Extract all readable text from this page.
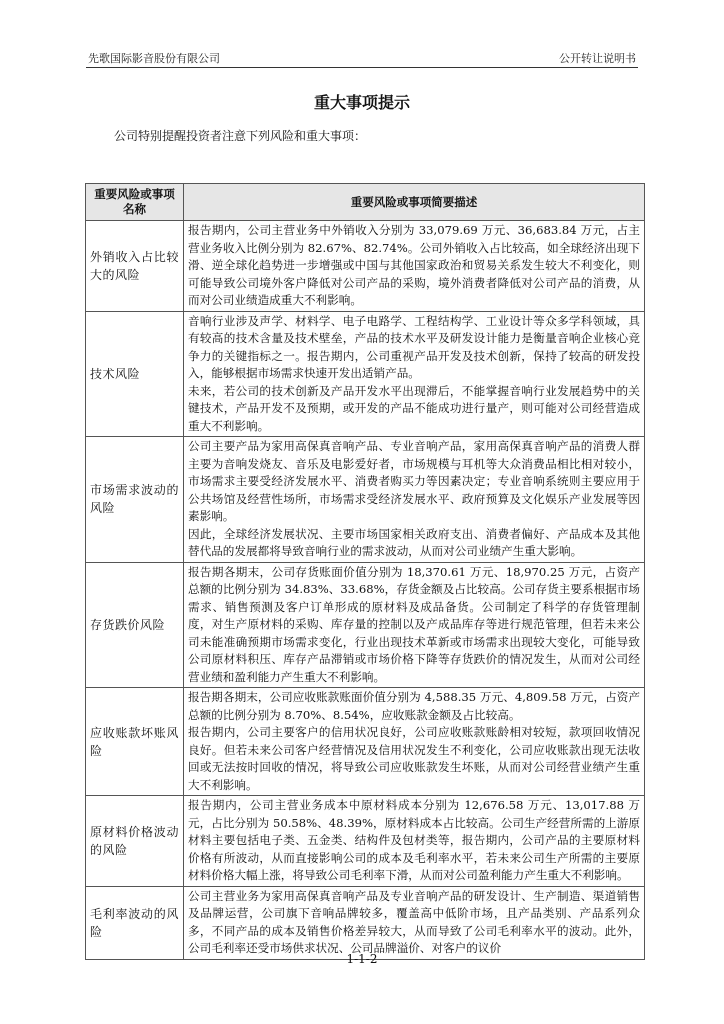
先歌国际影音股份有限公司	公开转让说明书
重大事项提示
公司特别提醒投资者注意下列风险和重大事项：
重要风险或事项名称	重要风险或事项简要描述
外销收入占比较大的风险	报告期内，公司主营业务中外销收入分别为 33,079.69 万元、36,683.84 万元，占主营业务收入比例分别为 82.67%、82.74%。公司外销收入占比较高，如全球经济出现下滑、逆全球化趋势进一步增强或中国与其他国家政治和贸易关系发生较大不利变化，则可能导致公司境外客户降低对公司产品的采购，境外消费者降低对公司产品的消费，从而对公司业绩造成重大不利影响。

技术风险	音响行业涉及声学、材料学、电子电路学、工程结构学、工业设计等众多学科领域，具有较高的技术含量及技术壁垒，产品的技术水平及研发设计能力是衡量音响企业核心竞争力的关键指标之一。报告期内，公司重视产品开发及技术创新，保持了较高的研发投入，能够根据市场需求快速开发出适销产品。

未来，若公司的技术创新及产品开发水平出现滞后，不能掌握音响行业发展趋势中的关键技术，产品开发不及预期，或开发的产品不能成功进行量产，则可能对公司经营造成重大不利影响。

市场需求波动的风险	公司主要产品为家用高保真音响产品、专业音响产品，家用高保真音响产品的消费人群主要为音响发烧友、音乐及电影爱好者，市场规模与耳机等大众消费品相比相对较小，市场需求主要受经济发展水平、消费者购买力等因素决定；专业音响系统则主要应用于公共场馆及经营性场所，市场需求受经济发展水平、政府预算及文化娱乐产业发展等因素影响。

因此，全球经济发展状况、主要市场国家相关政府支出、消费者偏好、产品成本及其他替代品的发展都将导致音响行业的需求波动，从而对公司业绩产生重大影响。

存货跌价风险	报告期各期末，公司存货账面价值分别为 18,370.61 万元、18,970.25 万元，占资产总额的比例分别为 34.83%、33.68%，存货金额及占比较高。公司存货主要系根据市场需求、销售预测及客户订单形成的原材料及成品备货。公司制定了科学的存货管理制度，对生产原材料的采购、库存量的控制以及产成品库存等进行规范管理，但若未来公司未能准确预期市场需求变化，行业出现技术革新或市场需求出现较大变化，可能导致公司原材料积压、库存产品滞销或市场价格下降等存货跌价的情况发生，从而对公司经营业绩和盈利能力产生重大不利影响。

应收账款坏账风险	报告期各期末，公司应收账款账面价值分别为 4,588.35 万元、4,809.58 万元，占资产总额的比例分别为 8.70%、8.54%，应收账款金额及占比较高。

报告期内，公司主要客户的信用状况良好，公司应收账款账龄相对较短，款项回收情况良好。但若未来公司客户经营情况及信用状况发生不利变化，公司应收账款出现无法收回或无法按时回收的情况，将导致公司应收账款发生坏账，从而对公司经营业绩产生重大不利影响。

原材料价格波动的风险	报告期内，公司主营业务成本中原材料成本分别为 12,676.58 万元、13,017.88 万元，占比分别为 50.58%、48.39%，原材料成本占比较高。公司生产经营所需的上游原材料主要包括电子类、五金类、结构件及包材类等，报告期内，公司产品的主要原材料价格有所波动，从而直接影响公司的成本及毛利率水平，若未来公司生产所需的主要原材料价格大幅上涨，将导致公司毛利率下滑，从而对公司盈利能力产生重大不利影响。

毛利率波动的风险	公司主营业务为家用高保真音响产品及专业音响产品的研发设计、生产制造、渠道销售及品牌运营，公司旗下音响品牌较多，覆盖高中低阶市场，且产品类别、产品系列众多，不同产品的成本及销售价格差异较大，从而导致了公司毛利率水平的波动。此外，公司毛利率还受市场供求状况、公司品牌溢价、对客户的议价

1-1-2
